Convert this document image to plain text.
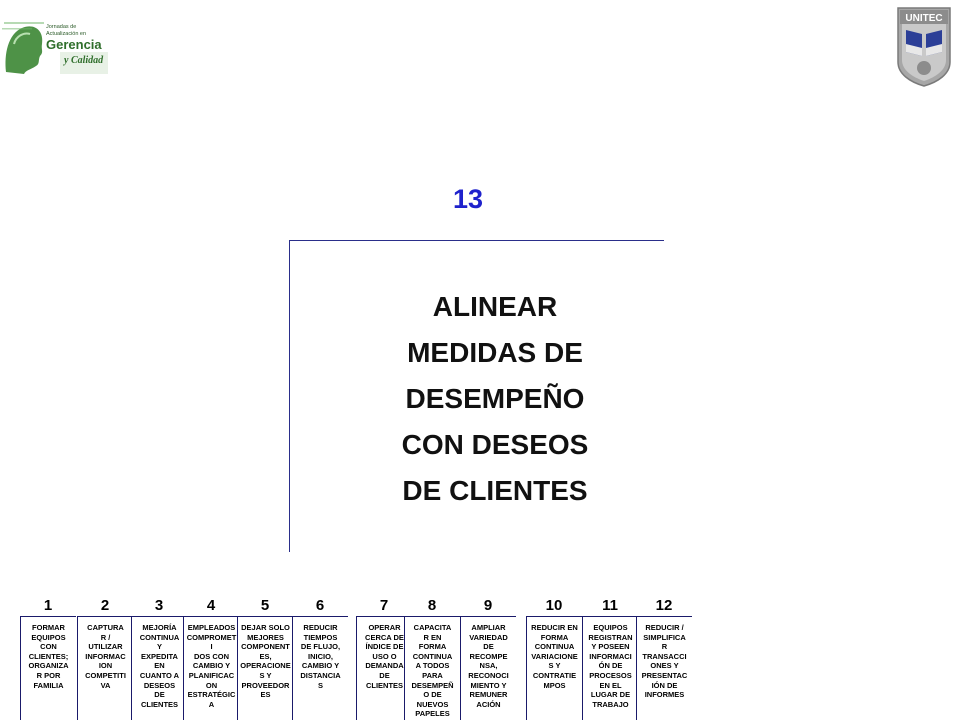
Jornadas de
Actualización en
Gerencia
y Calidad
UNITEC
13
ALINEAR
MEDIDAS DE
DESEMPEÑO
CON DESEOS
DE CLIENTES
1
FORMAR
EQUIPOS
CON
CLIENTES;
ORGANIZA
R POR
FAMILIA
2
CAPTURA
R /
UTILIZAR
INFORMAC
ION
COMPETITI
VA
3
MEJORÍA
CONTINUA
Y
EXPEDITA
EN
CUANTO A
DESEOS
DE
CLIENTES
4
EMPLEADOS
COMPROMETI
DOS CON
CAMBIO Y
PLANIFICAC
ON
ESTRATÉGIC
A
5
DEJAR SOLO
MEJORES
COMPONENT
ES,
OPERACIONE
S Y
PROVEEDOR
ES
6
REDUCIR
TIEMPOS
DE FLUJO,
INICIO,
CAMBIO Y
DISTANCIA
S
7
OPERAR
CERCA DE
ÍNDICE DE
USO O
DEMANDA
DE
CLIENTES
8
CAPACITA
R EN
FORMA
CONTINUA
A TODOS
PARA
DESEMPEÑ
O DE
NUEVOS
PAPELES
9
AMPLIAR
VARIEDAD
DE
RECOMPE
NSA,
RECONOCI
MIENTO Y
REMUNER
ACIÓN
10
REDUCIR EN
FORMA
CONTINUA
VARIACIONE
S Y
CONTRATIE
MPOS
11
EQUIPOS
REGISTRAN
Y POSEEN
INFORMACI
ÓN DE
PROCESOS
EN EL
LUGAR DE
TRABAJO
12
REDUCIR /
SIMPLIFICA
R
TRANSACCI
ONES Y
PRESENTAC
IÓN DE
INFORMES
